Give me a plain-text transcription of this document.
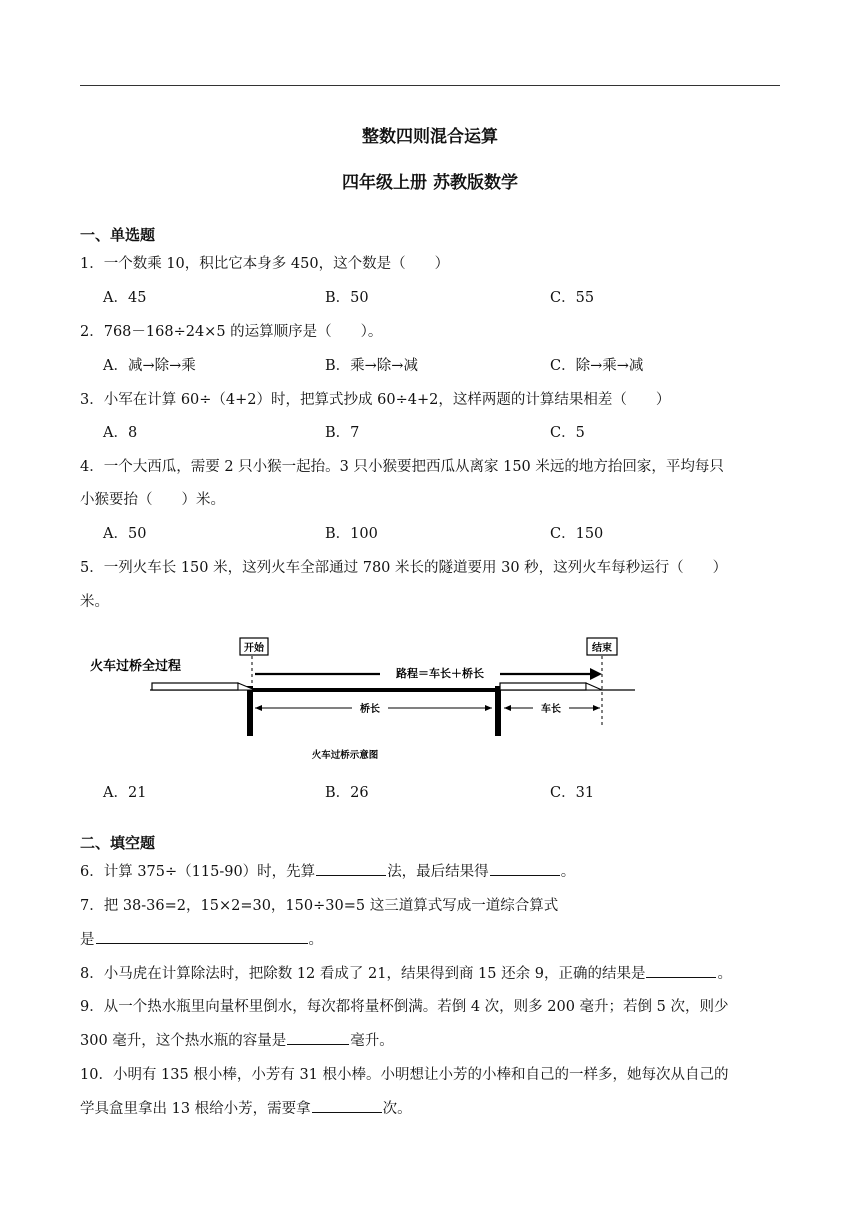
整数四则混合运算
四年级上册 苏教版数学
一、单选题
1．一个数乘 10，积比它本身多 450，这个数是（　　）
A．45	B．50	C．55
2．768－168÷24×5 的运算顺序是（　　）。
A．减→除→乘	B．乘→除→减	C．除→乘→减
3．小军在计算 60÷（4+2）时，把算式抄成 60÷4+2，这样两题的计算结果相差（　　）
A．8	B．7	C．5
4．一个大西瓜，需要 2 只小猴一起抬。3 只小猴要把西瓜从离家 150 米远的地方抬回家，平均每只
小猴要抬（　　）米。
A．50	B．100	C．150
5．一列火车长 150 米，这列火车全部通过 780 米长的隧道要用 30 秒，这列火车每秒运行（　　）
米。
开始	结束
路程＝车长＋桥长
火车过桥全过程
桥长	车长
火车过桥示意图
A．21	B．26	C．31
二、填空题
6．计算 375÷（115-90）时，先算	法，最后结果得	。
7．把 38-36=2，15×2=30，150÷30=5 这三道算式写成一道综合算式
是	。
8．小马虎在计算除法时，把除数 12 看成了 21，结果得到商 15 还余 9，正确的结果是	。
9．从一个热水瓶里向量杯里倒水，每次都将量杯倒满。若倒 4 次，则多 200 毫升；若倒 5 次，则少
300 毫升，这个热水瓶的容量是	毫升。
10．小明有 135 根小棒，小芳有 31 根小棒。小明想让小芳的小棒和自己的一样多，她每次从自己的
学具盒里拿出 13 根给小芳，需要拿	次。
